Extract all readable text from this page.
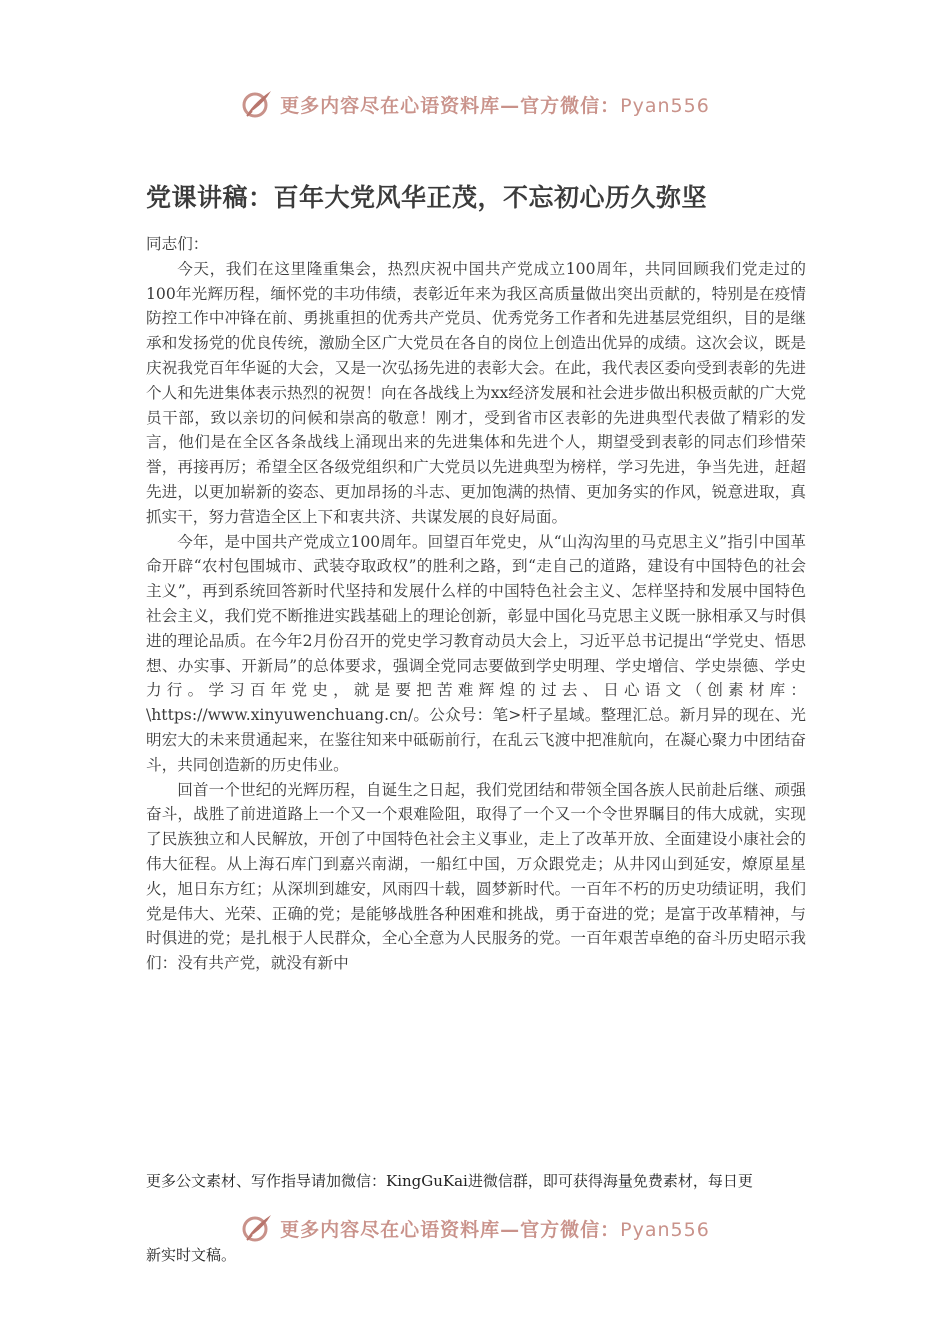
更多内容尽在心语资料库—官方微信：Pyan556
党课讲稿：百年大党风华正茂，不忘初心历久弥坚

同志们：

今天，我们在这里隆重集会，热烈庆祝中国共产党成立100周年，共同回顾我们党走过的100年光辉历程，缅怀党的丰功伟绩，表彰近年来为我区高质量做出突出贡献的，特别是在疫情防控工作中冲锋在前、勇挑重担的优秀共产党员、优秀党务工作者和先进基层党组织，目的是继承和发扬党的优良传统，激励全区广大党员在各自的岗位上创造出优异的成绩。这次会议，既是庆祝我党百年华诞的大会，又是一次弘扬先进的表彰大会。在此，我代表区委向受到表彰的先进个人和先进集体表示热烈的祝贺！向在各战线上为xx经济发展和社会进步做出积极贡献的广大党员干部，致以亲切的问候和崇高的敬意！刚才，受到省市区表彰的先进典型代表做了精彩的发言，他们是在全区各条战线上涌现出来的先进集体和先进个人，期望受到表彰的同志们珍惜荣誉，再接再厉；希望全区各级党组织和广大党员以先进典型为榜样，学习先进，争当先进，赶超先进，以更加崭新的姿态、更加昂扬的斗志、更加饱满的热情、更加务实的作风，锐意进取，真抓实干，努力营造全区上下和衷共济、共谋发展的良好局面。

今年，是中国共产党成立100周年。回望百年党史，从“山沟沟里的马克思主义”指引中国革命开辟“农村包围城市、武装夺取政权”的胜利之路，到“走自己的道路，建设有中国特色的社会主义”，再到系统回答新时代坚持和发展什么样的中国特色社会主义、怎样坚持和发展中国特色社会主义，我们党不断推进实践基础上的理论创新，彰显中国化马克思主义既一脉相承又与时俱进的理论品质。在今年2月份召开的党史学习教育动员大会上，习近平总书记提出“学党史、悟思想、办实事、开新局”的总体要求，强调全党同志要做到学史明理、学史增信、学史崇德、学史力行。学习百年党史，就是要把苦难辉煌的过去、日心语文（创素材库：\https://www.xinyuwenchuang.cn/。公众号：笔>杆子星域。整理汇总。新月异的现在、光明宏大的未来贯通起来，在鉴往知来中砥砺前行，在乱云飞渡中把准航向，在凝心聚力中团结奋斗，共同创造新的历史伟业。

回首一个世纪的光辉历程，自诞生之日起，我们党团结和带领全国各族人民前赴后继、顽强奋斗，战胜了前进道路上一个又一个艰难险阻，取得了一个又一个令世界瞩目的伟大成就，实现了民族独立和人民解放，开创了中国特色社会主义事业，走上了改革开放、全面建设小康社会的伟大征程。从上海石库门到嘉兴南湖，一船红中国，万众跟党走；从井冈山到延安，燎原星星火，旭日东方红；从深圳到雄安，风雨四十载，圆梦新时代。一百年不朽的历史功绩证明，我们党是伟大、光荣、正确的党；是能够战胜各种困难和挑战，勇于奋进的党；是富于改革精神，与时俱进的党；是扎根于人民群众，全心全意为人民服务的党。一百年艰苦卓绝的奋斗历史昭示我们：没有共产党，就没有新中

更多公文素材、写作指导请加微信：KingGuKai进微信群，即可获得海量免费素材，每日更
更多内容尽在心语资料库—官方微信：Pyan556
新实时文稿。
